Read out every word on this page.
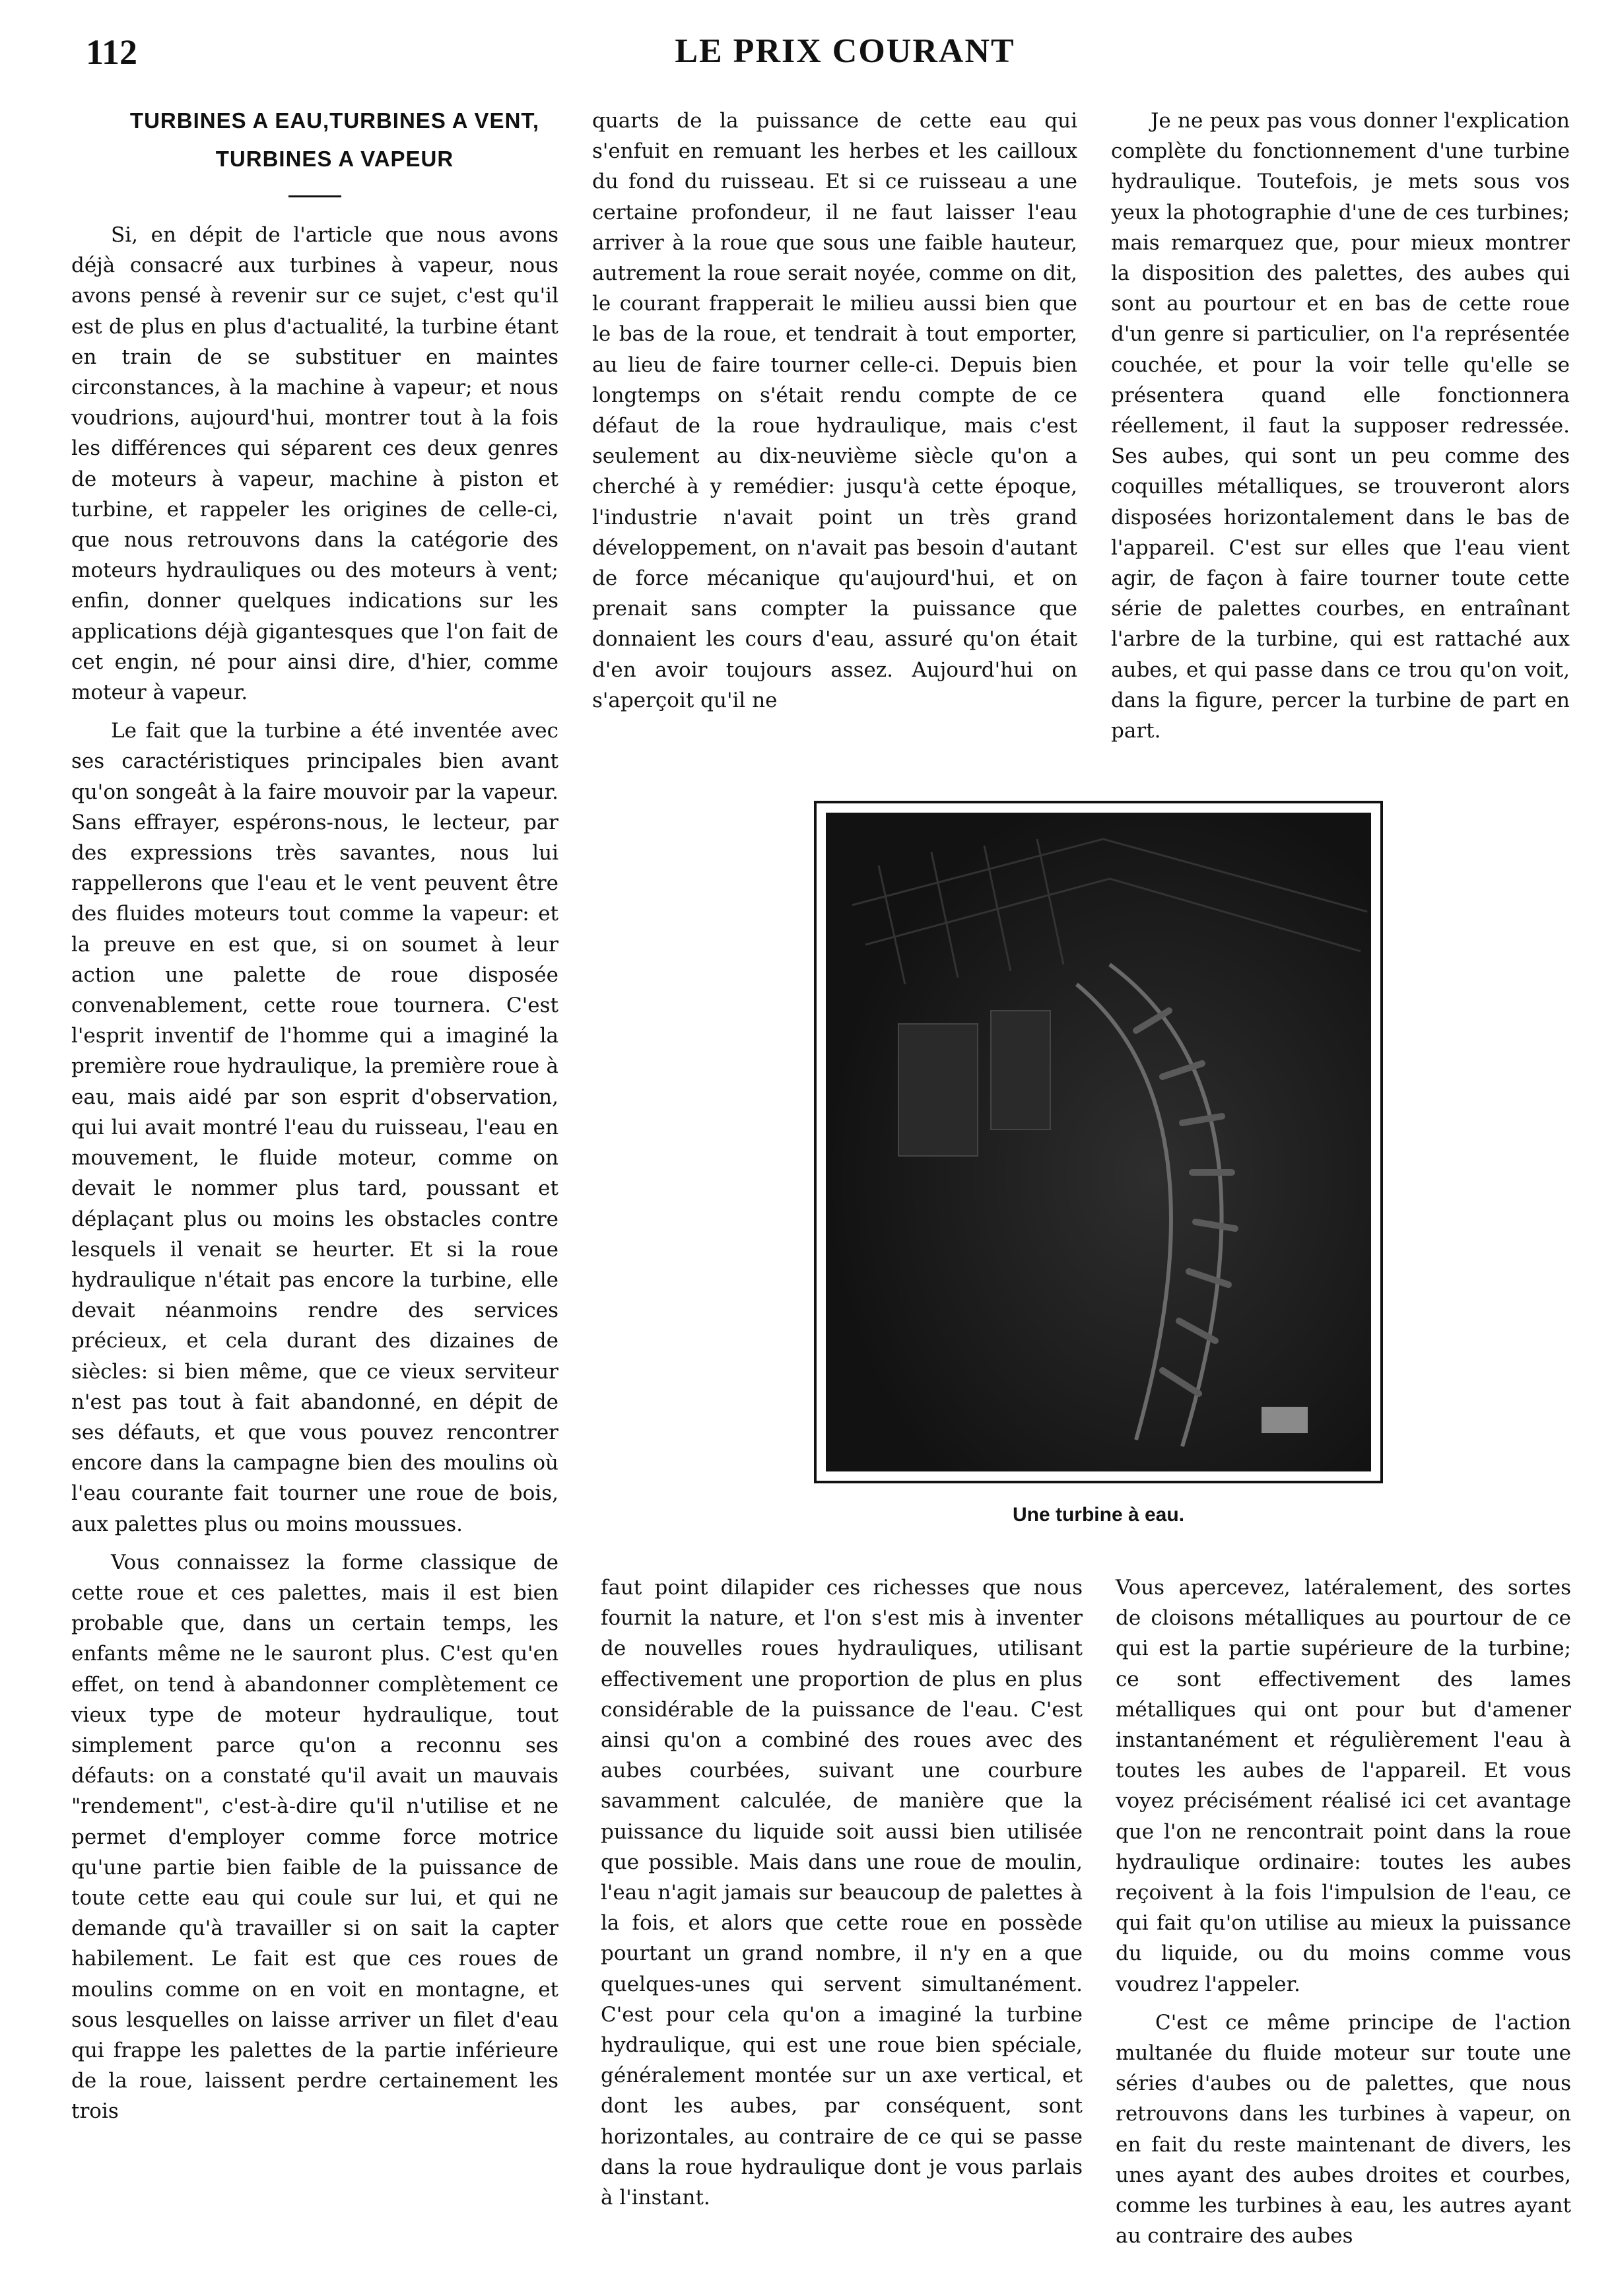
112	LE PRIX COURANT

TURBINES A EAU,TURBINES A VENT,

TURBINES A VAPEUR

Si, en dépit de l'article que nous avons déjà consacré aux turbines à vapeur, nous avons pensé à revenir sur ce sujet, c'est qu'il est de plus en plus d'actualité, la turbine étant en train de se substituer en maintes circonstances, à la machine à vapeur; et nous voudrions, aujourd'hui, montrer tout à la fois les différences qui séparent ces deux genres de moteurs à vapeur, machine à piston et turbine, et rappeler les origines de celle-ci, que nous retrouvons dans la catégorie des moteurs hydrauliques ou des moteurs à vent; enfin, donner quelques indications sur les applications déjà gigantesques que l'on fait de cet engin, né pour ainsi dire, d'hier, comme moteur à vapeur.

Le fait que la turbine a été inventée avec ses caractéristiques principales bien avant qu'on songeât à la faire mouvoir par la vapeur. Sans effrayer, espérons-nous, le lecteur, par des expressions très savantes, nous lui rappellerons que l'eau et le vent peuvent être des fluides moteurs tout comme la vapeur: et la preuve en est que, si on soumet à leur action une palette de roue disposée convenablement, cette roue tournera. C'est l'esprit inventif de l'homme qui a imaginé la première roue hydraulique, la première roue à eau, mais aidé par son esprit d'observation, qui lui avait montré l'eau du ruisseau, l'eau en mouvement, le fluide moteur, comme on devait le nommer plus tard, poussant et déplaçant plus ou moins les obstacles contre lesquels il venait se heurter. Et si la roue hydraulique n'était pas encore la turbine, elle devait néanmoins rendre des services précieux, et cela durant des dizaines de siècles: si bien même, que ce vieux serviteur n'est pas tout à fait abandonné, en dépit de ses défauts, et que vous pouvez rencontrer encore dans la campagne bien des moulins où l'eau courante fait tourner une roue de bois, aux palettes plus ou moins moussues.

Vous connaissez la forme classique de cette roue et ces palettes, mais il est bien probable que, dans un certain temps, les enfants même ne le sauront plus. C'est qu'en effet, on tend à abandonner complètement ce vieux type de moteur hydraulique, tout simplement parce qu'on a reconnu ses défauts: on a constaté qu'il avait un mauvais "rendement", c'est-à-dire qu'il n'utilise et ne permet d'employer comme force motrice qu'une partie bien faible de la puissance de toute cette eau qui coule sur lui, et qui ne demande qu'à travailler si on sait la capter habilement. Le fait est que ces roues de moulins comme on en voit en montagne, et sous lesquelles on laisse arriver un filet d'eau qui frappe les palettes de la partie inférieure de la roue, laissent perdre certainement les trois

quarts de la puissance de cette eau qui s'enfuit en remuant les herbes et les cailloux du fond du ruisseau. Et si ce ruisseau a une certaine profondeur, il ne faut laisser l'eau arriver à la roue que sous une faible hauteur, autrement la roue serait noyée, comme on dit, le courant frapperait le milieu aussi bien que le bas de la roue, et tendrait à tout emporter, au lieu de faire tourner celle-ci. Depuis bien longtemps on s'était rendu compte de ce défaut de la roue hydraulique, mais c'est seulement au dix-neuvième siècle qu'on a cherché à y remédier: jusqu'à cette époque, l'industrie n'avait point un très grand développement, on n'avait pas besoin d'autant de force mécanique qu'aujourd'hui, et on prenait sans compter la puissance que donnaient les cours d'eau, assuré qu'on était d'en avoir toujours assez. Aujourd'hui on s'aperçoit qu'il ne

Je ne peux pas vous donner l'explication complète du fonctionnement d'une turbine hydraulique. Toutefois, je mets sous vos yeux la photographie d'une de ces turbines; mais remarquez que, pour mieux montrer la disposition des palettes, des aubes qui sont au pourtour et en bas de cette roue d'un genre si particulier, on l'a représentée couchée, et pour la voir telle qu'elle se présentera quand elle fonctionnera réellement, il faut la supposer redressée. Ses aubes, qui sont un peu comme des coquilles métalliques, se trouveront alors disposées horizontalement dans le bas de l'appareil. C'est sur elles que l'eau vient agir, de façon à faire tourner toute cette série de palettes courbes, en entraînant l'arbre de la turbine, qui est rattaché aux aubes, et qui passe dans ce trou qu'on voit, dans la figure, percer la turbine de part en part.

Une turbine à eau.

faut point dilapider ces richesses que nous fournit la nature, et l'on s'est mis à inventer de nouvelles roues hydrauliques, utilisant effectivement une proportion de plus en plus considérable de la puissance de l'eau. C'est ainsi qu'on a combiné des roues avec des aubes courbées, suivant une courbure savamment calculée, de manière que la puissance du liquide soit aussi bien utilisée que possible. Mais dans une roue de moulin, l'eau n'agit jamais sur beaucoup de palettes à la fois, et alors que cette roue en possède pourtant un grand nombre, il n'y en a que quelques-unes qui servent simultanément. C'est pour cela qu'on a imaginé la turbine hydraulique, qui est une roue bien spéciale, généralement montée sur un axe vertical, et dont les aubes, par conséquent, sont horizontales, au contraire de ce qui se passe dans la roue hydraulique dont je vous parlais à l'instant.

Vous apercevez, latéralement, des sortes de cloisons métalliques au pourtour de ce qui est la partie supérieure de la turbine; ce sont effectivement des lames métalliques qui ont pour but d'amener instantanément et régulièrement l'eau à toutes les aubes de l'appareil. Et vous voyez précisément réalisé ici cet avantage que l'on ne rencontrait point dans la roue hydraulique ordinaire: toutes les aubes reçoivent à la fois l'impulsion de l'eau, ce qui fait qu'on utilise au mieux la puissance du liquide, ou du moins comme vous voudrez l'appeler.

C'est ce même principe de l'action multanée du fluide moteur sur toute une séries d'aubes ou de palettes, que nous retrouvons dans les turbines à vapeur, on en fait du reste maintenant de divers, les unes ayant des aubes droites et courbes, comme les turbines à eau, les autres ayant au contraire des aubes
